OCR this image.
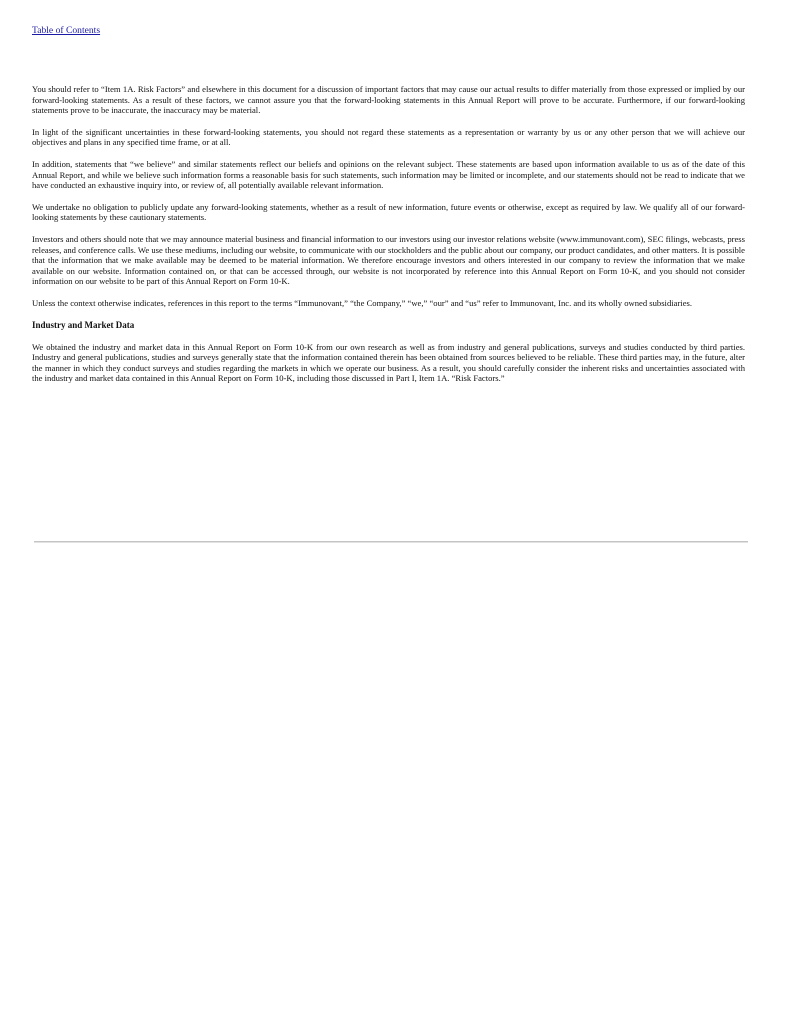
Table of Contents

You should refer to “Item 1A. Risk Factors” and elsewhere in this document for a discussion of important factors that may cause our actual results to differ materially from those expressed or implied by our forward-looking statements. As a result of these factors, we cannot assure you that the forward-looking statements in this Annual Report will prove to be accurate. Furthermore, if our forward-looking statements prove to be inaccurate, the inaccuracy may be material.

In light of the significant uncertainties in these forward-looking statements, you should not regard these statements as a representation or warranty by us or any other person that we will achieve our objectives and plans in any specified time frame, or at all.

In addition, statements that “we believe” and similar statements reflect our beliefs and opinions on the relevant subject. These statements are based upon information available to us as of the date of this Annual Report, and while we believe such information forms a reasonable basis for such statements, such information may be limited or incomplete, and our statements should not be read to indicate that we have conducted an exhaustive inquiry into, or review of, all potentially available relevant information.

We undertake no obligation to publicly update any forward-looking statements, whether as a result of new information, future events or otherwise, except as required by law. We qualify all of our forward-looking statements by these cautionary statements.

Investors and others should note that we may announce material business and financial information to our investors using our investor relations website (www.immunovant.com), SEC filings, webcasts, press releases, and conference calls. We use these mediums, including our website, to communicate with our stockholders and the public about our company, our product candidates, and other matters. It is possible that the information that we make available may be deemed to be material information. We therefore encourage investors and others interested in our company to review the information that we make available on our website. Information contained on, or that can be accessed through, our website is not incorporated by reference into this Annual Report on Form 10-K, and you should not consider information on our website to be part of this Annual Report on Form 10-K.

Unless the context otherwise indicates, references in this report to the terms “Immunovant,” “the Company,” “we,” “our” and “us” refer to Immunovant, Inc. and its wholly owned subsidiaries.

Industry and Market Data

We obtained the industry and market data in this Annual Report on Form 10-K from our own research as well as from industry and general publications, surveys and studies conducted by third parties. Industry and general publications, studies and surveys generally state that the information contained therein has been obtained from sources believed to be reliable. These third parties may, in the future, alter the manner in which they conduct surveys and studies regarding the markets in which we operate our business. As a result, you should carefully consider the inherent risks and uncertainties associated with the industry and market data contained in this Annual Report on Form 10-K, including those discussed in Part I, Item 1A. “Risk Factors.”
